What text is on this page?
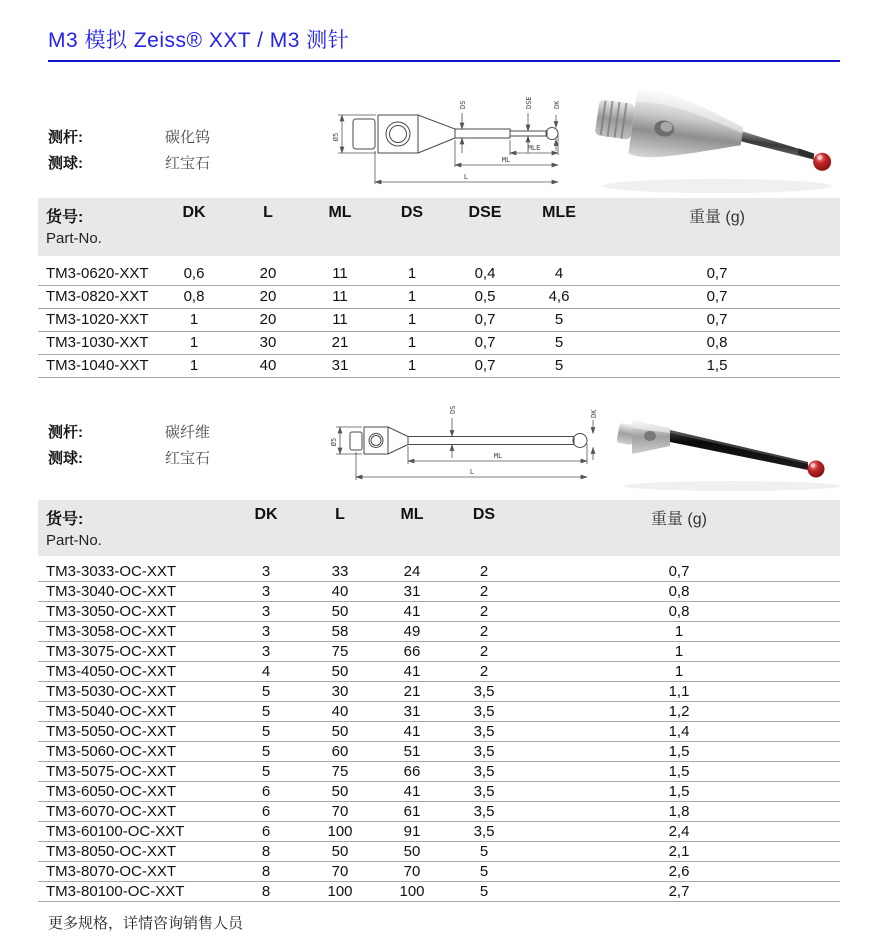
M3 模拟 Zeiss® XXT / M3 测针
测杆:	碳化钨
测球:	红宝石
Ø5
DS	DSE	DK
MLE
ML
L
货号:
Part-No.
DK	L	ML	DS	DSE	MLE	重量 (g)
TM3-0620-XXT	0,6	20	11	1	0,4	4	0,7
TM3-0820-XXT	0,8	20	11	1	0,5	4,6	0,7
TM3-1020-XXT	1	20	11	1	0,7	5	0,7
TM3-1030-XXT	1	30	21	1	0,7	5	0,8
TM3-1040-XXT	1	40	31	1	0,7	5	1,5
测杆:	碳纤维
测球:	红宝石
Ø5
DS	DK
ML
L
货号:
Part-No.
DK	L	ML	DS	重量 (g)
TM3-3033-OC-XXT	3	33	24	2	0,7
TM3-3040-OC-XXT	3	40	31	2	0,8
TM3-3050-OC-XXT	3	50	41	2	0,8
TM3-3058-OC-XXT	3	58	49	2	1
TM3-3075-OC-XXT	3	75	66	2	1
TM3-4050-OC-XXT	4	50	41	2	1
TM3-5030-OC-XXT	5	30	21	3,5	1,1
TM3-5040-OC-XXT	5	40	31	3,5	1,2
TM3-5050-OC-XXT	5	50	41	3,5	1,4
TM3-5060-OC-XXT	5	60	51	3,5	1,5
TM3-5075-OC-XXT	5	75	66	3,5	1,5
TM3-6050-OC-XXT	6	50	41	3,5	1,5
TM3-6070-OC-XXT	6	70	61	3,5	1,8
TM3-60100-OC-XXT	6	100	91	3,5	2,4
TM3-8050-OC-XXT	8	50	50	5	2,1
TM3-8070-OC-XXT	8	70	70	5	2,6
TM3-80100-OC-XXT	8	100	100	5	2,7
更多规格，详情咨询销售人员
